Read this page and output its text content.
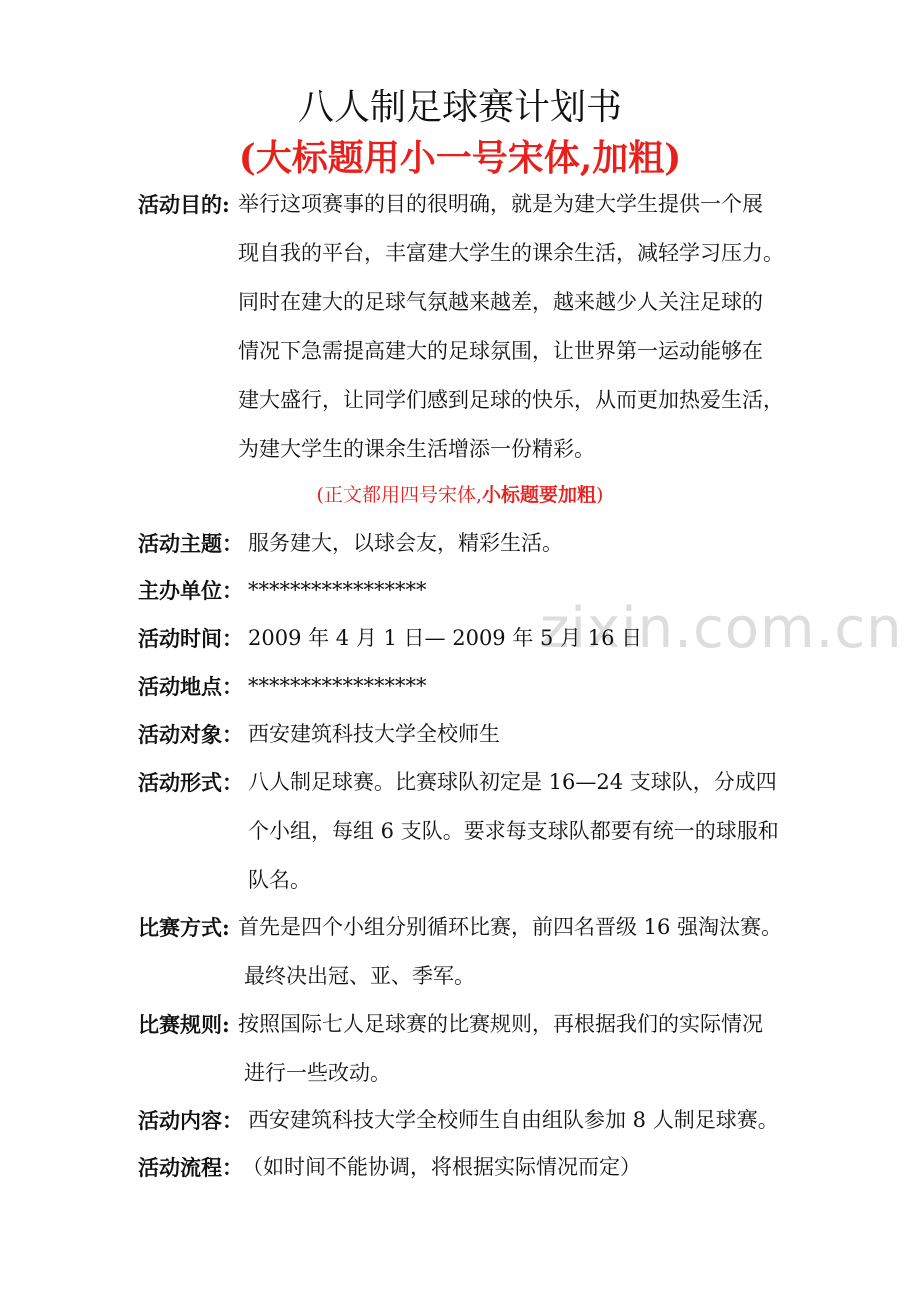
zixin.com.cn
八人制足球赛计划书
(大标题用小一号宋体,加粗)
活动目的: 举行这项赛事的目的很明确，就是为建大学生提供一个展
现自我的平台，丰富建大学生的课余生活，减轻学习压力。
同时在建大的足球气氛越来越差，越来越少人关注足球的
情况下急需提高建大的足球氛围，让世界第一运动能够在
建大盛行，让同学们感到足球的快乐，从而更加热爱生活，
为建大学生的课余生活增添一份精彩。
(正文都用四号宋体,小标题要加粗)
活动主题： 服务建大，以球会友，精彩生活。
主办单位： *****************
活动时间： 2009 年 4 月 1 日— 2009 年 5 月 16 日
活动地点： *****************
活动对象： 西安建筑科技大学全校师生
活动形式： 八人制足球赛。比赛球队初定是 16—24 支球队，分成四
个小组，每组 6 支队。要求每支球队都要有统一的球服和
队名。
比赛方式: 首先是四个小组分别循环比赛，前四名晋级 16 强淘汰赛。
最终决出冠、亚、季军。
比赛规则: 按照国际七人足球赛的比赛规则，再根据我们的实际情况
进行一些改动。
活动内容： 西安建筑科技大学全校师生自由组队参加 8 人制足球赛。
活动流程： （如时间不能协调，将根据实际情况而定）
